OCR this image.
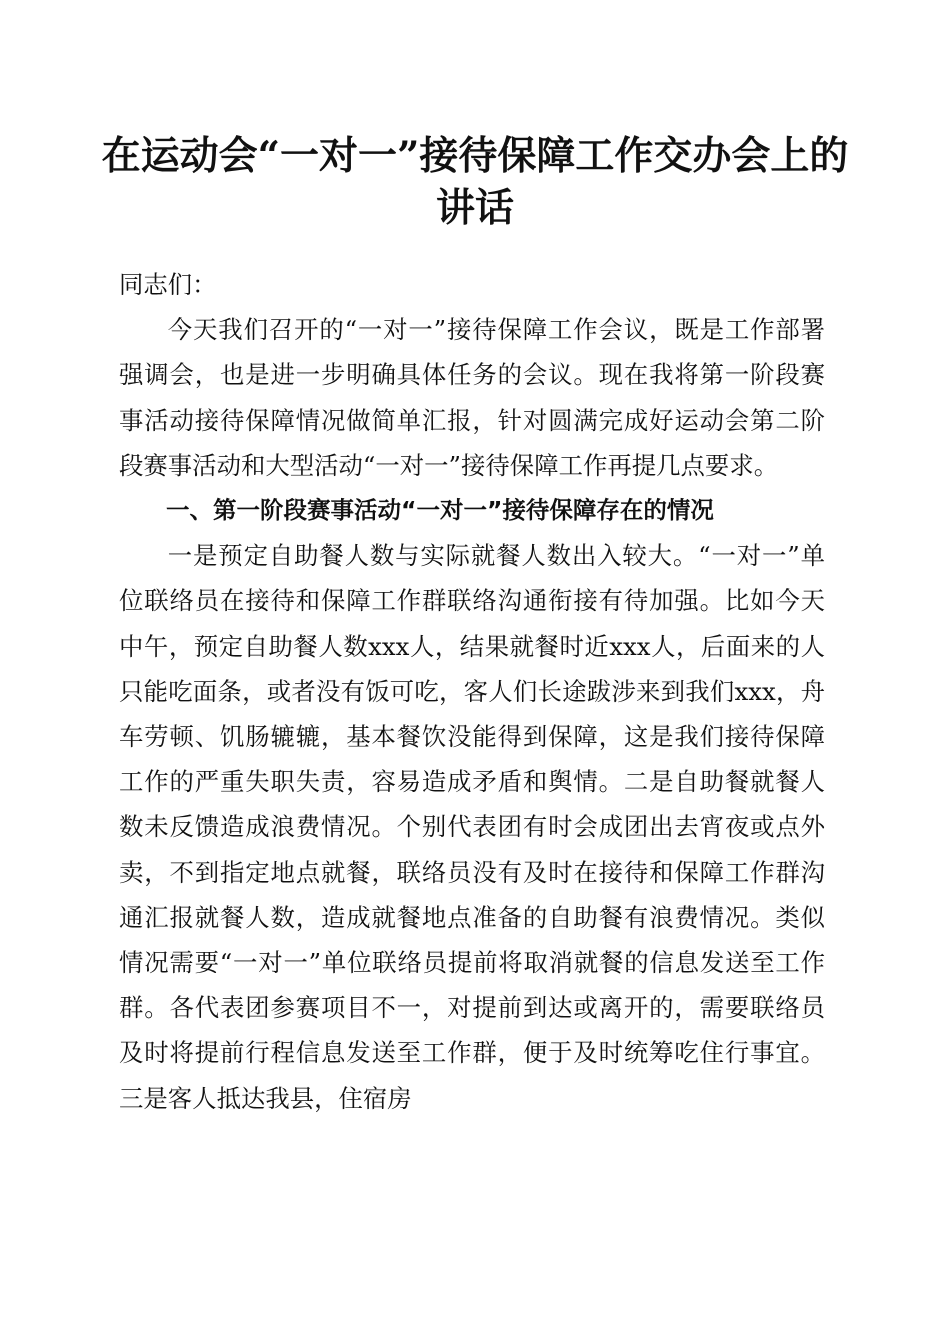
在运动会“一对一”接待保障工作交办会上的
讲话

同志们：

今天我们召开的“一对一”接待保障工作会议，既是工作部署强调会，也是进一步明确具体任务的会议。现在我将第一阶段赛事活动接待保障情况做简单汇报，针对圆满完成好运动会第二阶段赛事活动和大型活动“一对一”接待保障工作再提几点要求。

一、第一阶段赛事活动“一对一”接待保障存在的情况

一是预定自助餐人数与实际就餐人数出入较大。“一对一”单位联络员在接待和保障工作群联络沟通衔接有待加强。比如今天中午，预定自助餐人数xxx人，结果就餐时近xxx人，后面来的人只能吃面条，或者没有饭可吃，客人们长途跋涉来到我们xxx，舟车劳顿、饥肠辘辘，基本餐饮没能得到保障，这是我们接待保障工作的严重失职失责，容易造成矛盾和舆情。二是自助餐就餐人数未反馈造成浪费情况。个别代表团有时会成团出去宵夜或点外卖，不到指定地点就餐，联络员没有及时在接待和保障工作群沟通汇报就餐人数，造成就餐地点准备的自助餐有浪费情况。类似情况需要“一对一”单位联络员提前将取消就餐的信息发送至工作群。各代表团参赛项目不一，对提前到达或离开的，需要联络员及时将提前行程信息发送至工作群，便于及时统筹吃住行事宜。三是客人抵达我县，住宿房
